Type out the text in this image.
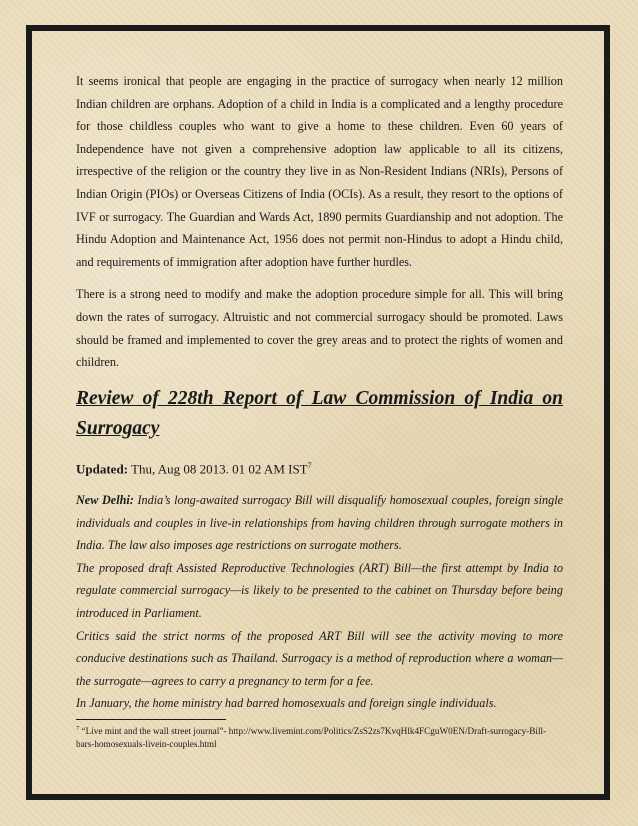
It seems ironical that people are engaging in the practice of surrogacy when nearly 12 million Indian children are orphans. Adoption of a child in India is a complicated and a lengthy procedure for those childless couples who want to give a home to these children. Even 60 years of Independence have not given a comprehensive adoption law applicable to all its citizens, irrespective of the religion or the country they live in as Non-Resident Indians (NRIs), Persons of Indian Origin (PIOs) or Overseas Citizens of India (OCIs). As a result, they resort to the options of IVF or surrogacy. The Guardian and Wards Act, 1890 permits Guardianship and not adoption. The Hindu Adoption and Maintenance Act, 1956 does not permit non-Hindus to adopt a Hindu child, and requirements of immigration after adoption have further hurdles.

There is a strong need to modify and make the adoption procedure simple for all. This will bring down the rates of surrogacy. Altruistic and not commercial surrogacy should be promoted. Laws should be framed and implemented to cover the grey areas and to protect the rights of women and children.

Review of 228th Report of Law Commission of India on Surrogacy

Updated: Thu, Aug 08 2013. 01 02 AM IST$^7$

New Delhi: India’s long-awaited surrogacy Bill will disqualify homosexual couples, foreign single individuals and couples in live-in relationships from having children through surrogate mothers in India. The law also imposes age restrictions on surrogate mothers.

The proposed draft Assisted Reproductive Technologies (ART) Bill—the first attempt by India to regulate commercial surrogacy—is likely to be presented to the cabinet on Thursday before being introduced in Parliament.

Critics said the strict norms of the proposed ART Bill will see the activity moving to more conducive destinations such as Thailand. Surrogacy is a method of reproduction where a woman—the surrogate—agrees to carry a pregnancy to term for a fee.

In January, the home ministry had barred homosexuals and foreign single individuals.

$^7$ “Live mint and the wall street journal”- http://www.livemint.com/Politics/ZsS2zs7KvqHlk4FCguW0EN/Draft-surrogacy-Bill-bars-homosexuals-livein-couples.html
